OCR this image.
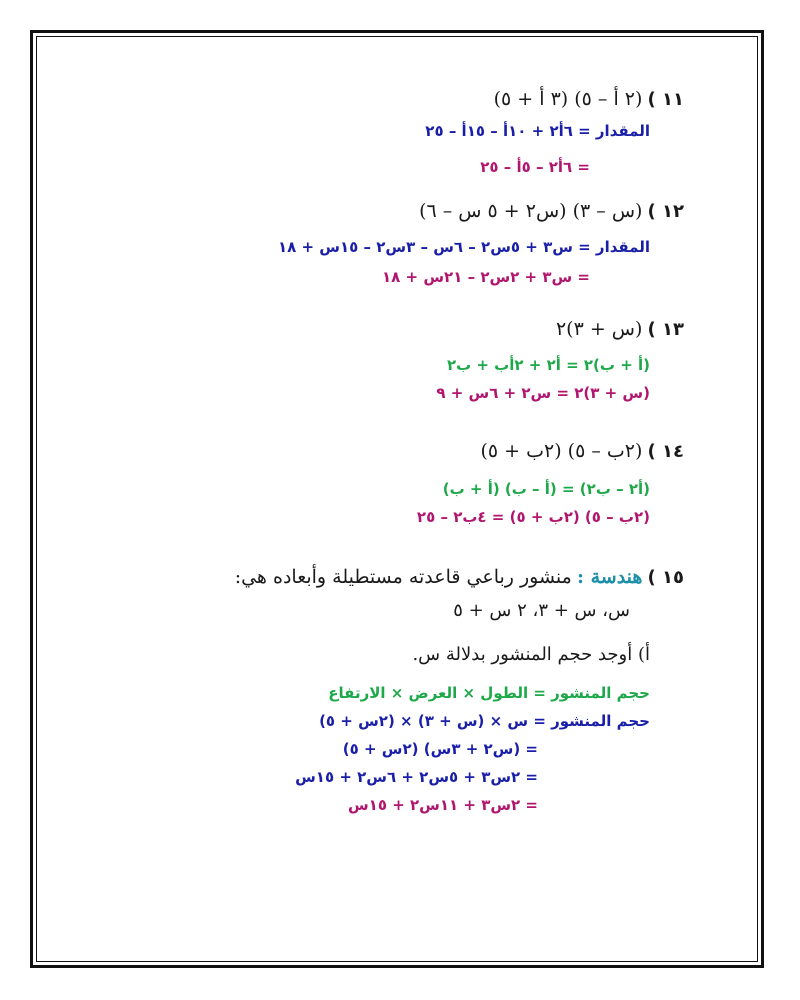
١١ ) (٢ أ – ٥) (٣ أ + ٥)
المقدار = ٦أ٢ + ١٠أ – ١٥أ – ٢٥
= ٦أ٢ – ٥أ – ٢٥
١٢ ) (س – ٣) (س٢ + ٥ س – ٦)
المقدار = س٣ + ٥س٢ – ٦س – ٣س٢ – ١٥س + ١٨
= س٣ + ٢س٢ – ٢١س + ١٨
١٣ ) (س + ٣)٢
(أ + ب)٢ = أ٢ + ٢أب + ب٢
(س + ٣)٢ = س٢ + ٦س + ٩
١٤ ) (٢ب – ٥) (٢ب + ٥)
(أ٢ – ب٢) = (أ – ب) (أ + ب)
(٢ب – ٥) (٢ب + ٥) = ٤ب٢ – ٢٥
١٥ ) هندسة : منشور رباعي قاعدته مستطيلة وأبعاده هي:
س، س + ٣، ٢ س + ٥
أ) أوجد حجم المنشور بدلالة س.
حجم المنشور = الطول × العرض × الارتفاع
حجم المنشور = س × (س + ٣) × (٢س + ٥)
= (س٢ + ٣س) (٢س + ٥)
= ٢س٣ + ٥س٢ + ٦س٢ + ١٥س
= ٢س٣ + ١١س٢ + ١٥س
